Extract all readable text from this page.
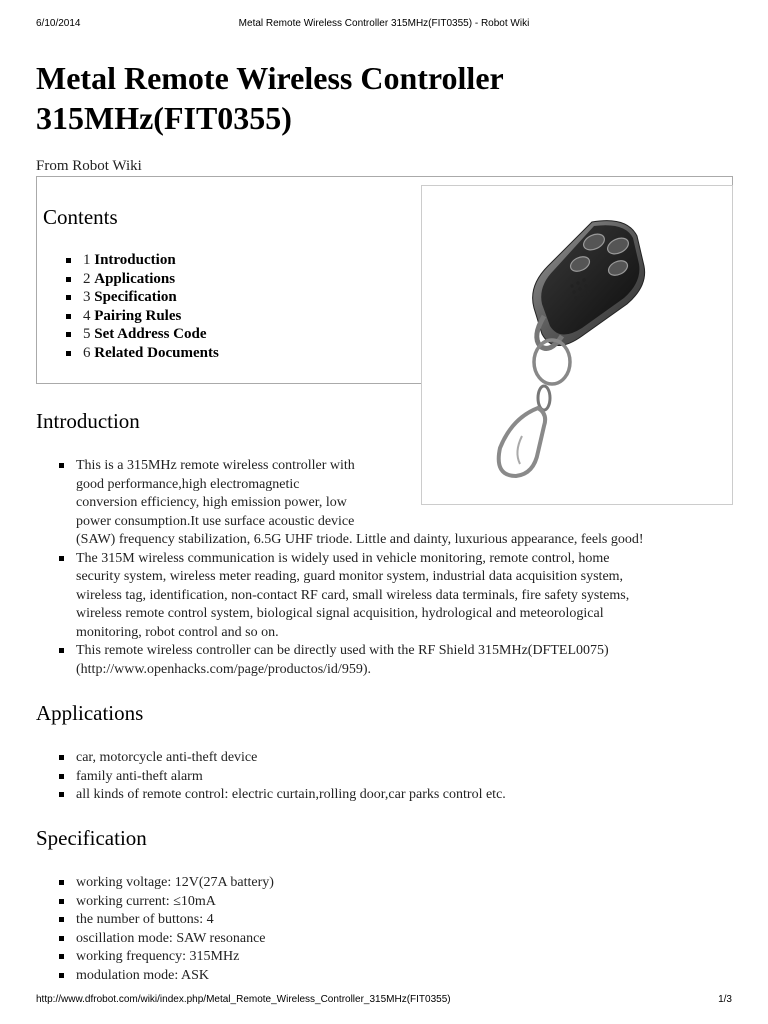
6/10/2014	Metal Remote Wireless Controller 315MHz(FIT0355) - Robot Wiki
Metal Remote Wireless Controller
315MHz(FIT0355)
From Robot Wiki
Contents
1 Introduction
2 Applications
3 Specification
4 Pairing Rules
5 Set Address Code
6 Related Documents
Introduction
This is a 315MHz remote wireless controller with
good performance,high electromagnetic
conversion efficiency, high emission power, low
power consumption.It use surface acoustic device
(SAW) frequency stabilization, 6.5G UHF triode. Little and dainty, luxurious appearance, feels good!
The 315M wireless communication is widely used in vehicle monitoring, remote control, home
security system, wireless meter reading, guard monitor system, industrial data acquisition system,
wireless tag, identification, non-contact RF card, small wireless data terminals, fire safety systems,
wireless remote control system, biological signal acquisition, hydrological and meteorological
monitoring, robot control and so on.
This remote wireless controller can be directly used with the RF Shield 315MHz(DFTEL0075)
(http://www.openhacks.com/page/productos/id/959).
Applications
car, motorcycle anti-theft device
family anti-theft alarm
all kinds of remote control: electric curtain,rolling door,car parks control etc.
Specification
working voltage: 12V(27A battery)
working current: ≤10mA
the number of buttons: 4
oscillation mode: SAW resonance
working frequency: 315MHz
modulation mode: ASK
http://www.dfrobot.com/wiki/index.php/Metal_Remote_Wireless_Controller_315MHz(FIT0355)	1/3
